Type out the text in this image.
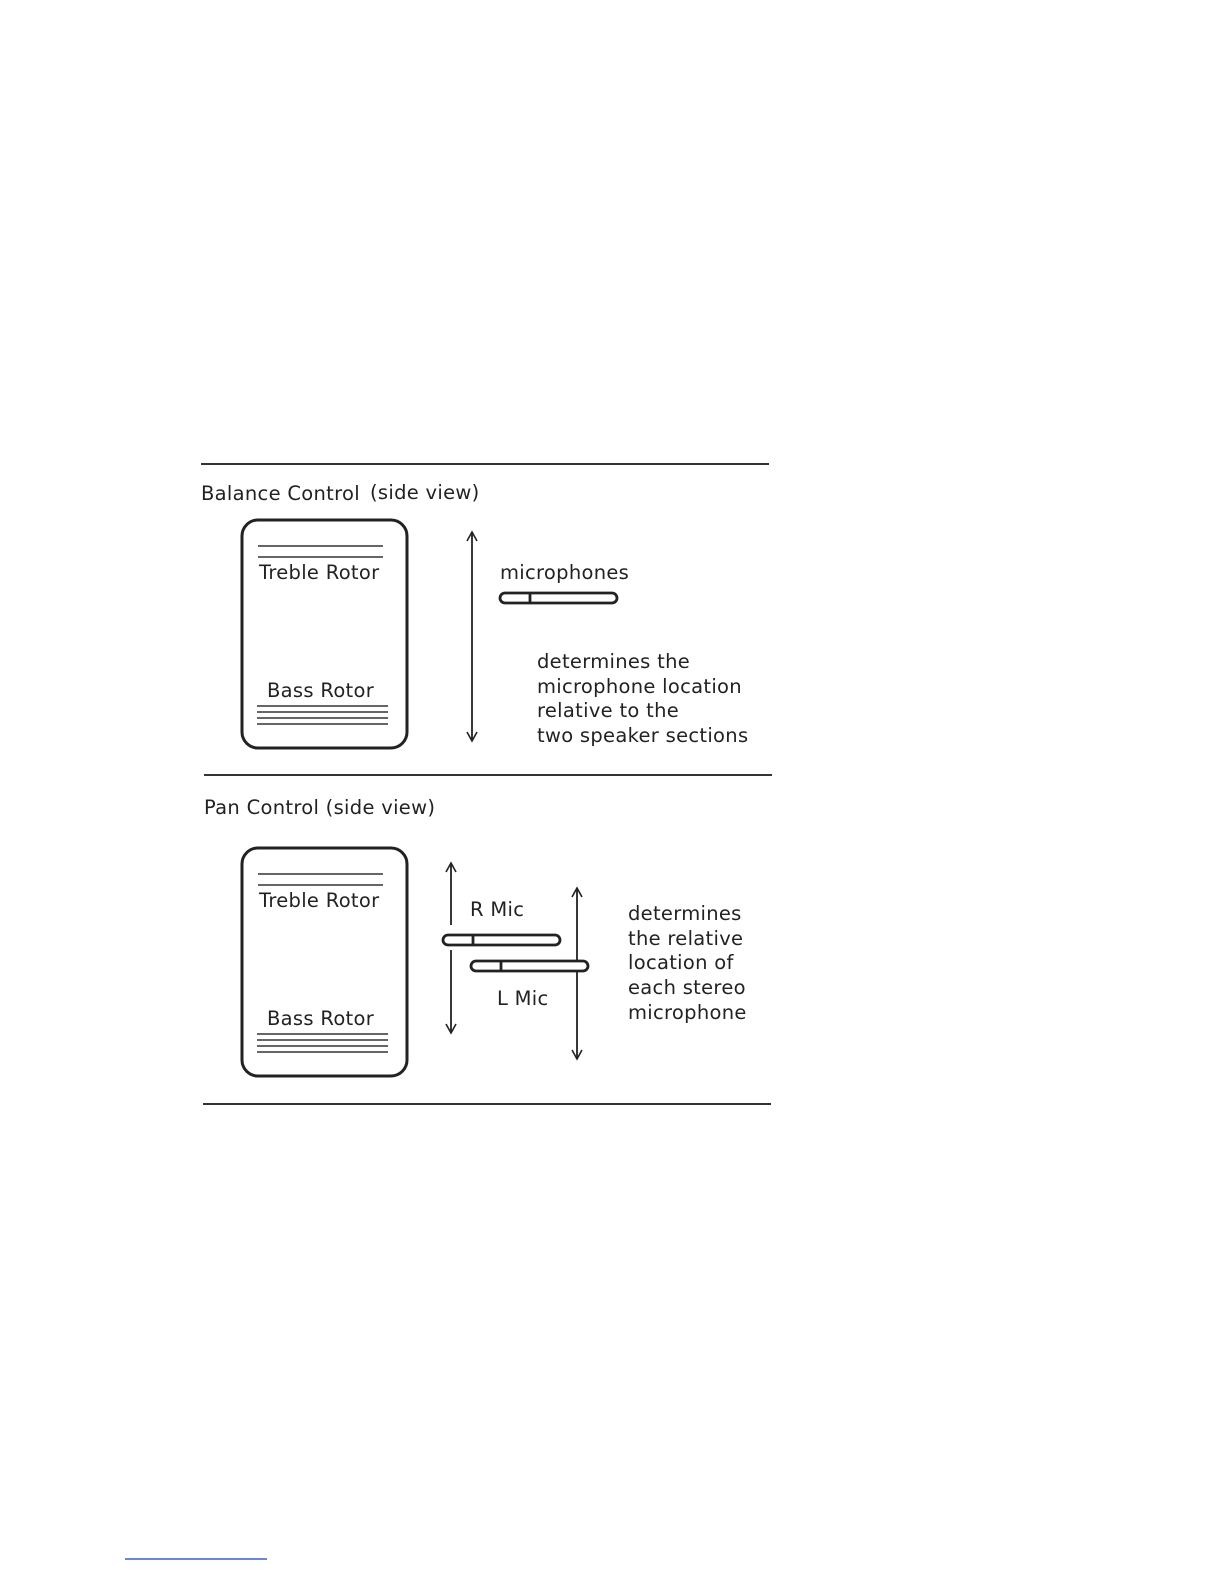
Balance Control (side view)
Treble Rotor
Bass Rotor
microphones
determines the
microphone location
relative to the
two speaker sections
Pan Control (side view)
Treble Rotor
Bass Rotor
R Mic
L Mic
determines
the relative
location of
each stereo
microphone
